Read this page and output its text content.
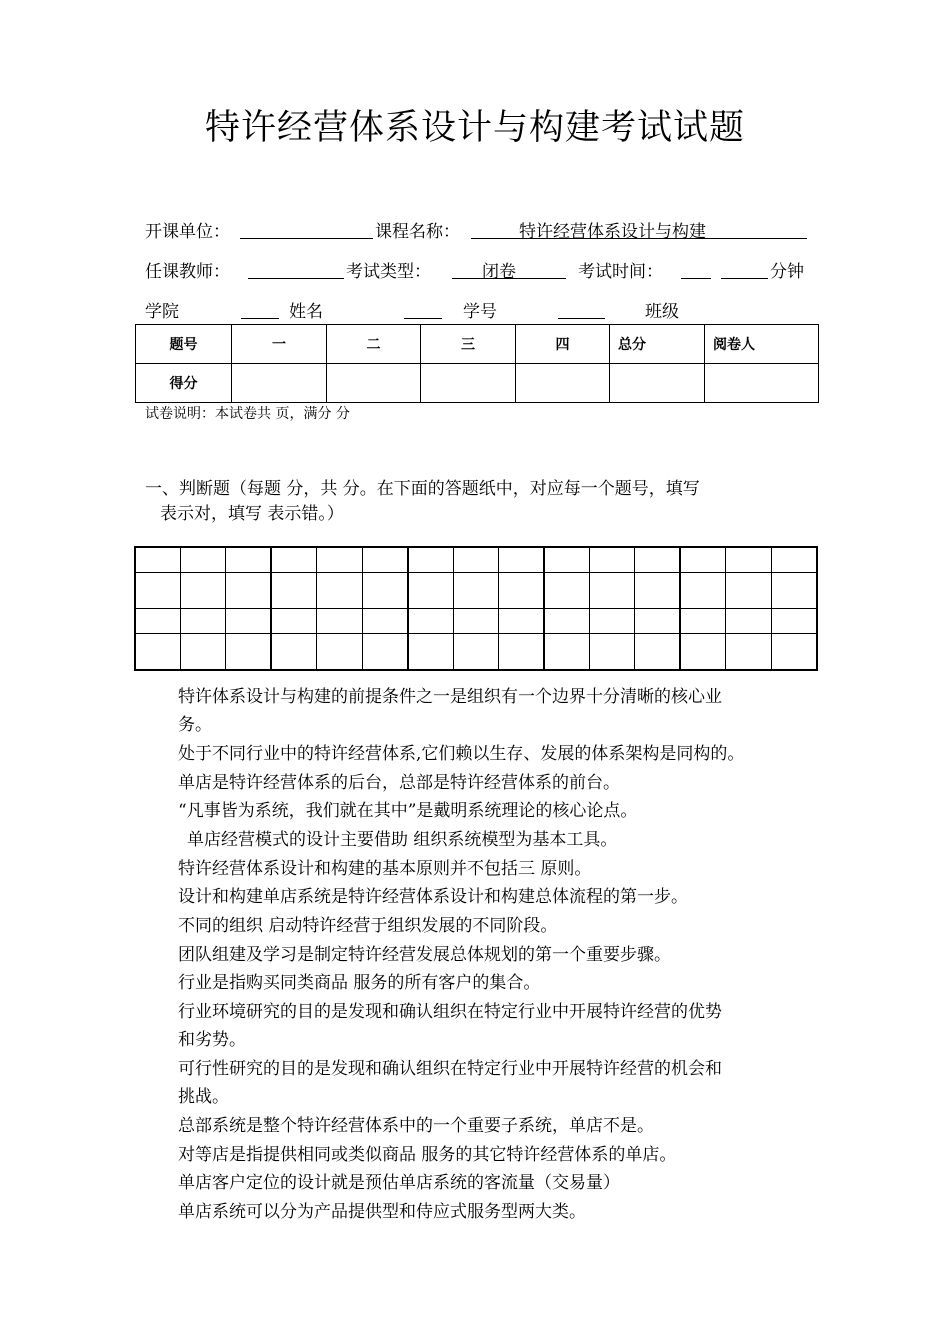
特许经营体系设计与构建考试试题
开课单位：	课程名称：	特许经营体系设计与构建
任课教师：	考试类型：	闭卷	考试时间：	分钟
学院	姓名	学号	班级
题号	一	二	三	四	总分	阅卷人
得分						
试卷说明：本试卷共 页，满分 分
一、判断题（每题 分，共 分。在下面的答题纸中，对应每一个题号，填写
表示对，填写 表示错。）

特许体系设计与构建的前提条件之一是组织有一个边界十分清晰的核心业
务。
处于不同行业中的特许经营体系,它们赖以生存、发展的体系架构是同构的。
单店是特许经营体系的后台，总部是特许经营体系的前台。
“凡事皆为系统，我们就在其中”是戴明系统理论的核心论点。
单店经营模式的设计主要借助 组织系统模型为基本工具。
特许经营体系设计和构建的基本原则并不包括三 原则。
设计和构建单店系统是特许经营体系设计和构建总体流程的第一步。
不同的组织 启动特许经营于组织发展的不同阶段。
团队组建及学习是制定特许经营发展总体规划的第一个重要步骤。
行业是指购买同类商品 服务的所有客户的集合。
行业环境研究的目的是发现和确认组织在特定行业中开展特许经营的优势
和劣势。
可行性研究的目的是发现和确认组织在特定行业中开展特许经营的机会和
挑战。
总部系统是整个特许经营体系中的一个重要子系统，单店不是。
对等店是指提供相同或类似商品 服务的其它特许经营体系的单店。
单店客户定位的设计就是预估单店系统的客流量（交易量）
单店系统可以分为产品提供型和侍应式服务型两大类。
